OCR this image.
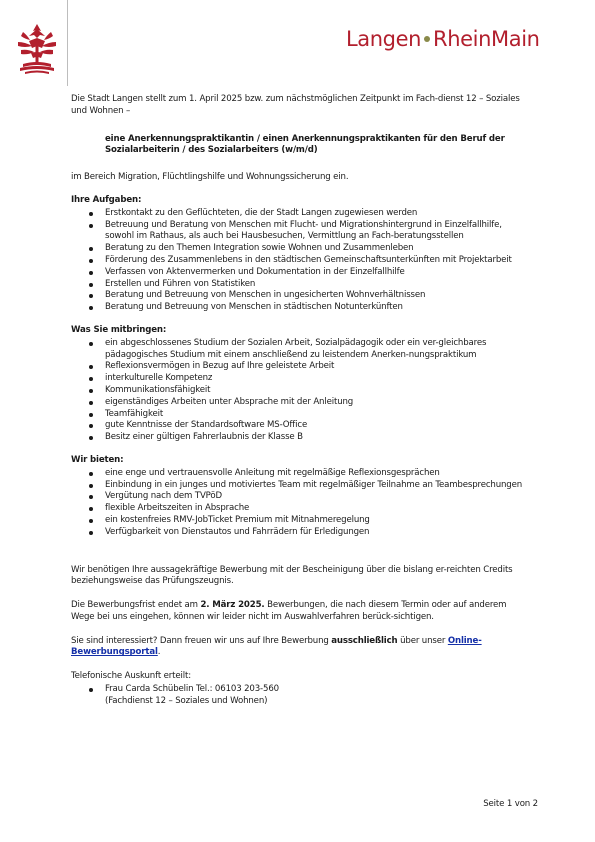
Langen RheinMain

Die Stadt Langen stellt zum 1. April 2025 bzw. zum nächstmöglichen Zeitpunkt im Fach-dienst 12 – Soziales und Wohnen –

eine Anerkennungspraktikantin / einen Anerkennungspraktikanten für den Beruf der Sozialarbeiterin / des Sozialarbeiters (w/m/d)

im Bereich Migration, Flüchtlingshilfe und Wohnungssicherung ein.

Ihre Aufgaben:

Erstkontakt zu den Geflüchteten, die der Stadt Langen zugewiesen werden
Betreuung und Beratung von Menschen mit Flucht- und Migrationshintergrund in Einzelfallhilfe, sowohl im Rathaus, als auch bei Hausbesuchen, Vermittlung an Fach-beratungsstellen
Beratung zu den Themen Integration sowie Wohnen und Zusammenleben
Förderung des Zusammenlebens in den städtischen Gemeinschaftsunterkünften mit Projektarbeit
Verfassen von Aktenvermerken und Dokumentation in der Einzelfallhilfe
Erstellen und Führen von Statistiken
Beratung und Betreuung von Menschen in ungesicherten Wohnverhältnissen
Beratung und Betreuung von Menschen in städtischen Notunterkünften

Was Sie mitbringen:

ein abgeschlossenes Studium der Sozialen Arbeit, Sozialpädagogik oder ein ver-gleichbares pädagogisches Studium mit einem anschließend zu leistendem Anerken-nungspraktikum
Reflexionsvermögen in Bezug auf Ihre geleistete Arbeit
interkulturelle Kompetenz
Kommunikationsfähigkeit
eigenständiges Arbeiten unter Absprache mit der Anleitung
Teamfähigkeit
gute Kenntnisse der Standardsoftware MS-Office
Besitz einer gültigen Fahrerlaubnis der Klasse B

Wir bieten:

eine enge und vertrauensvolle Anleitung mit regelmäßige Reflexionsgesprächen
Einbindung in ein junges und motiviertes Team mit regelmäßiger Teilnahme an Teambesprechungen
Vergütung nach dem TVPöD
flexible Arbeitszeiten in Absprache
ein kostenfreies RMV-JobTicket Premium mit Mitnahmeregelung
Verfügbarkeit von Dienstautos und Fahrrädern für Erledigungen

Wir benötigen Ihre aussagekräftige Bewerbung mit der Bescheinigung über die bislang er-reichten Credits beziehungsweise das Prüfungszeugnis.

Die Bewerbungsfrist endet am 2. März 2025. Bewerbungen, die nach diesem Termin oder auf anderem Wege bei uns eingehen, können wir leider nicht im Auswahlverfahren berück-sichtigen.

Sie sind interessiert? Dann freuen wir uns auf Ihre Bewerbung ausschließlich über unser Online-Bewerbungsportal.

Telefonische Auskunft erteilt:

Frau Carda Schübelin Tel.: 06103 203-560
(Fachdienst 12 – Soziales und Wohnen)
Seite 1 von 2
